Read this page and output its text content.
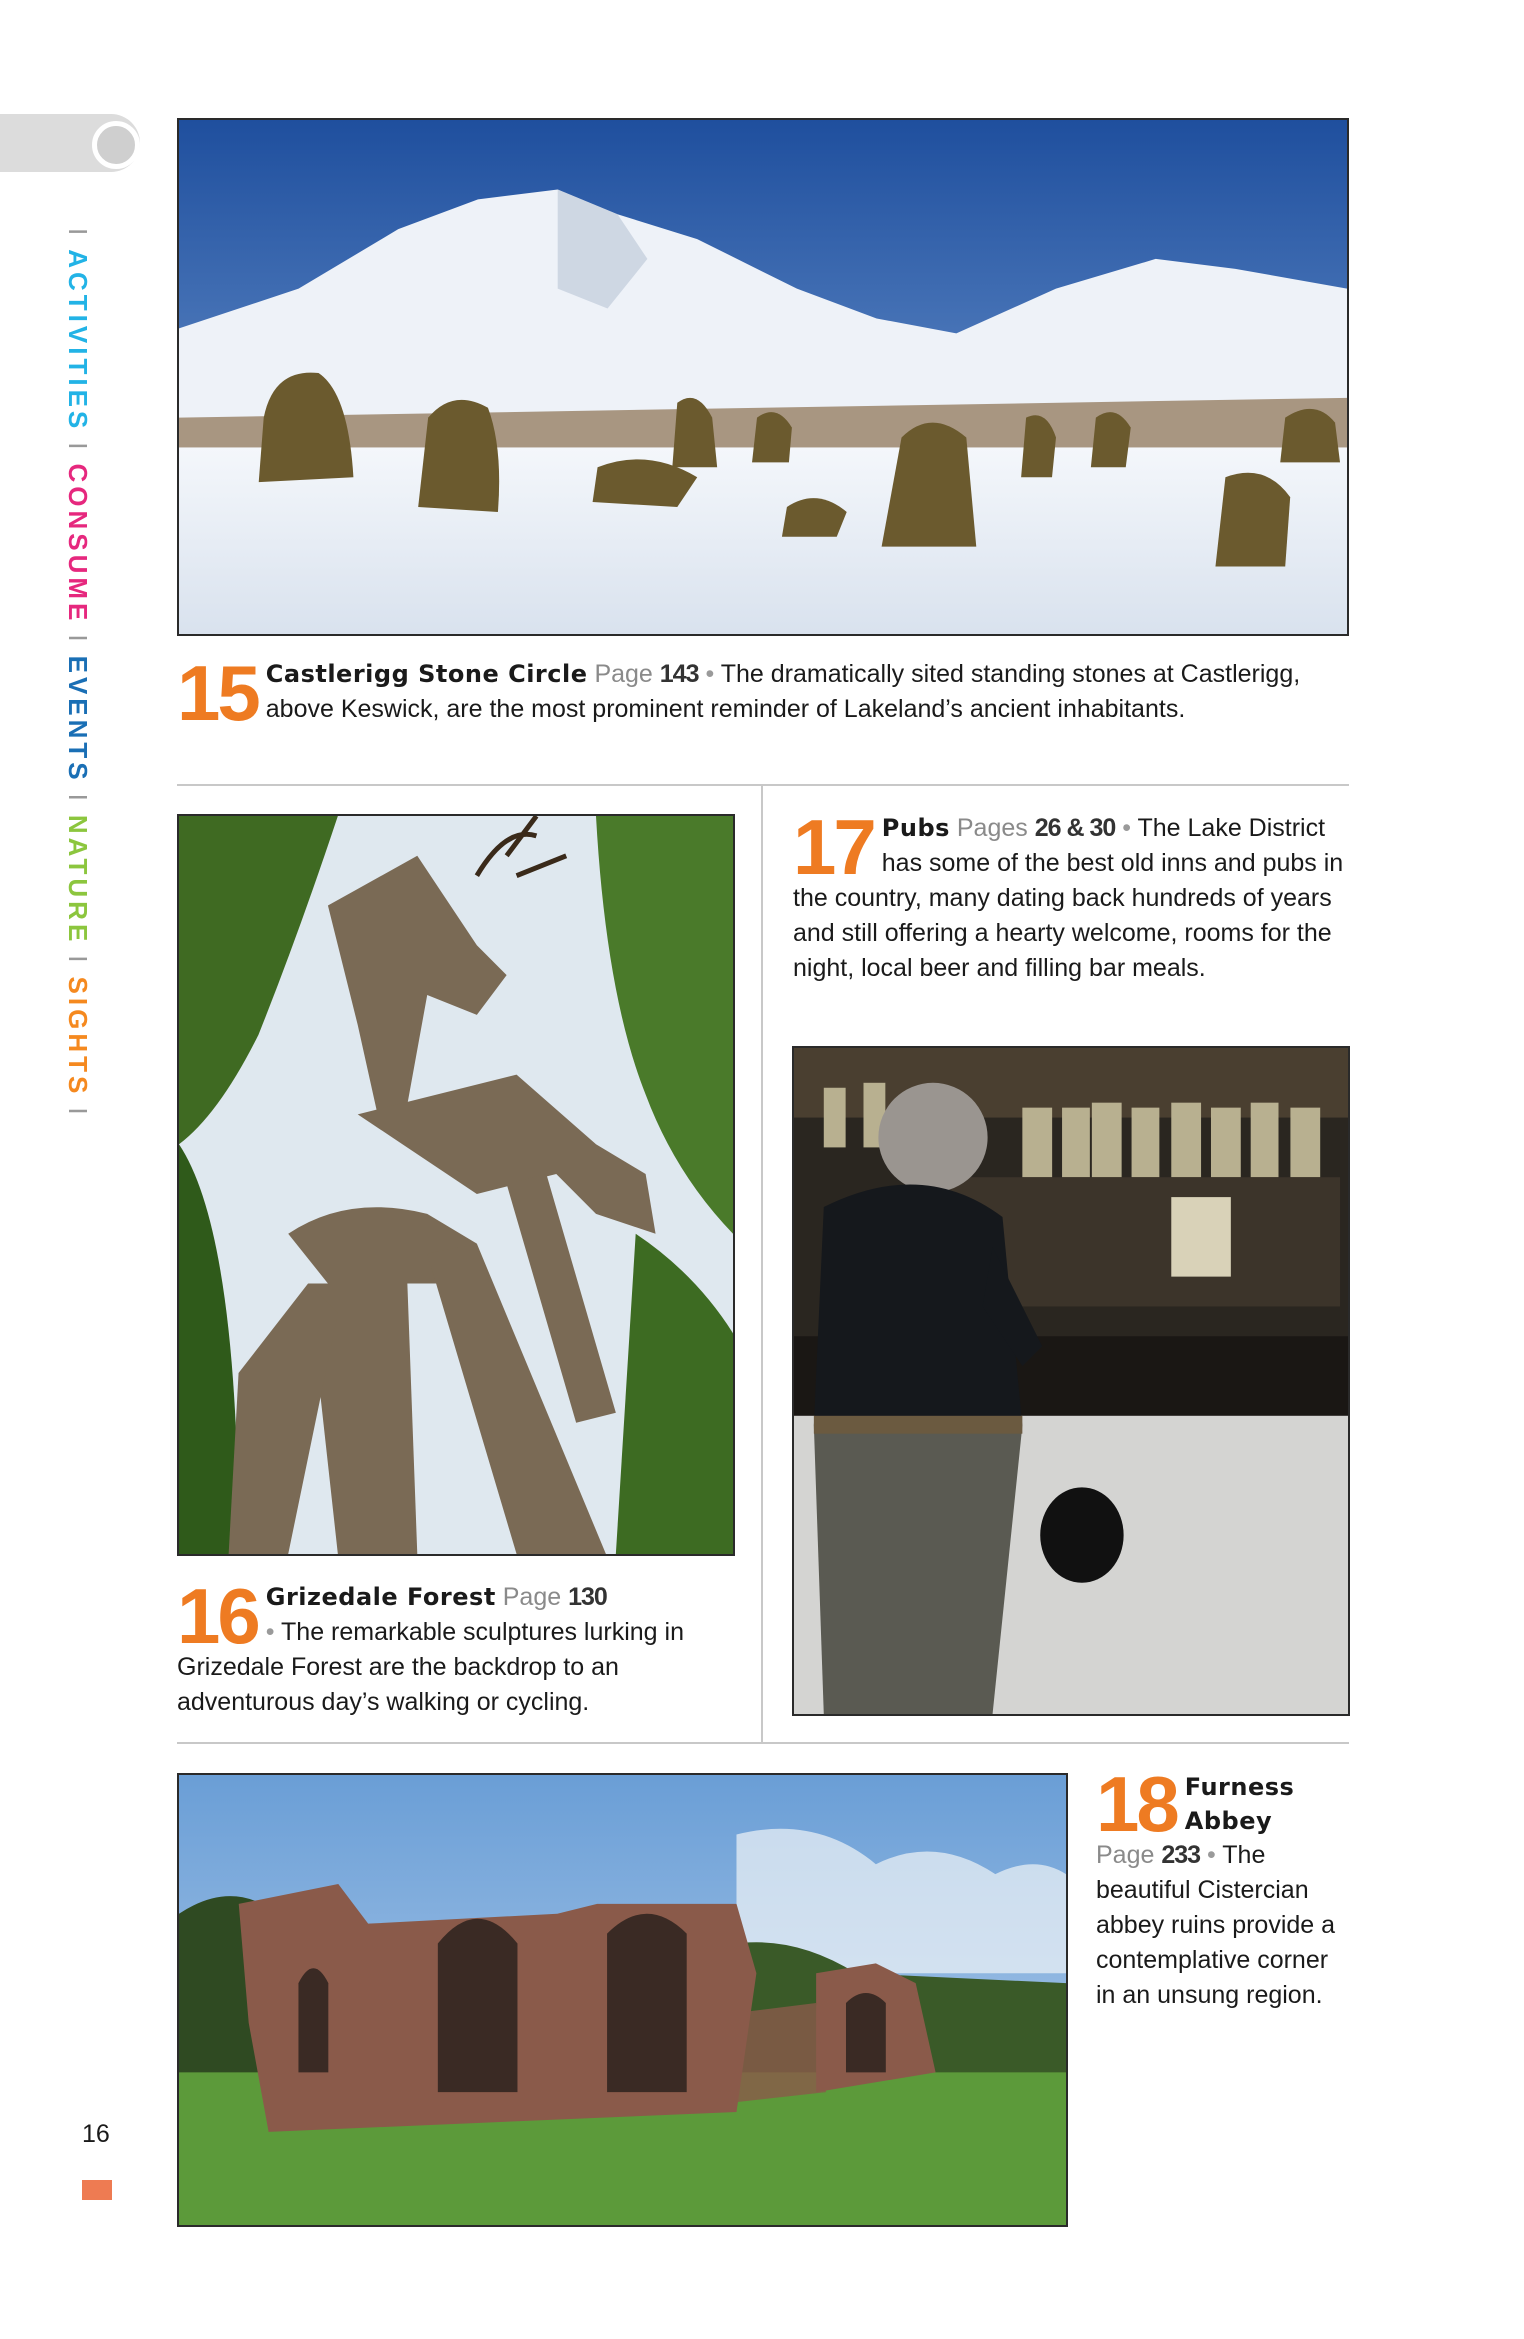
IACTIVITIESICONSUMEIEVENTSINATUREISIGHTSI
15 Castlerigg Stone Circle Page 143 • The dramatically sited standing stones at Castlerigg, above Keswick, are the most prominent reminder of Lakeland’s ancient inhabitants.
16 Grizedale Forest Page 130
• The remarkable sculptures lurking in Grizedale Forest are the backdrop to an adventurous day’s walking or cycling.
17 Pubs Pages 26 & 30 • The Lake District has some of the best old inns and pubs in the country, many dating back hundreds of years and still offering a hearty welcome, rooms for the night, local beer and filling bar meals.
18 Furness
Abbey
Page 233 • The beautiful Cistercian abbey ruins provide a contemplative corner in an unsung region.
16
